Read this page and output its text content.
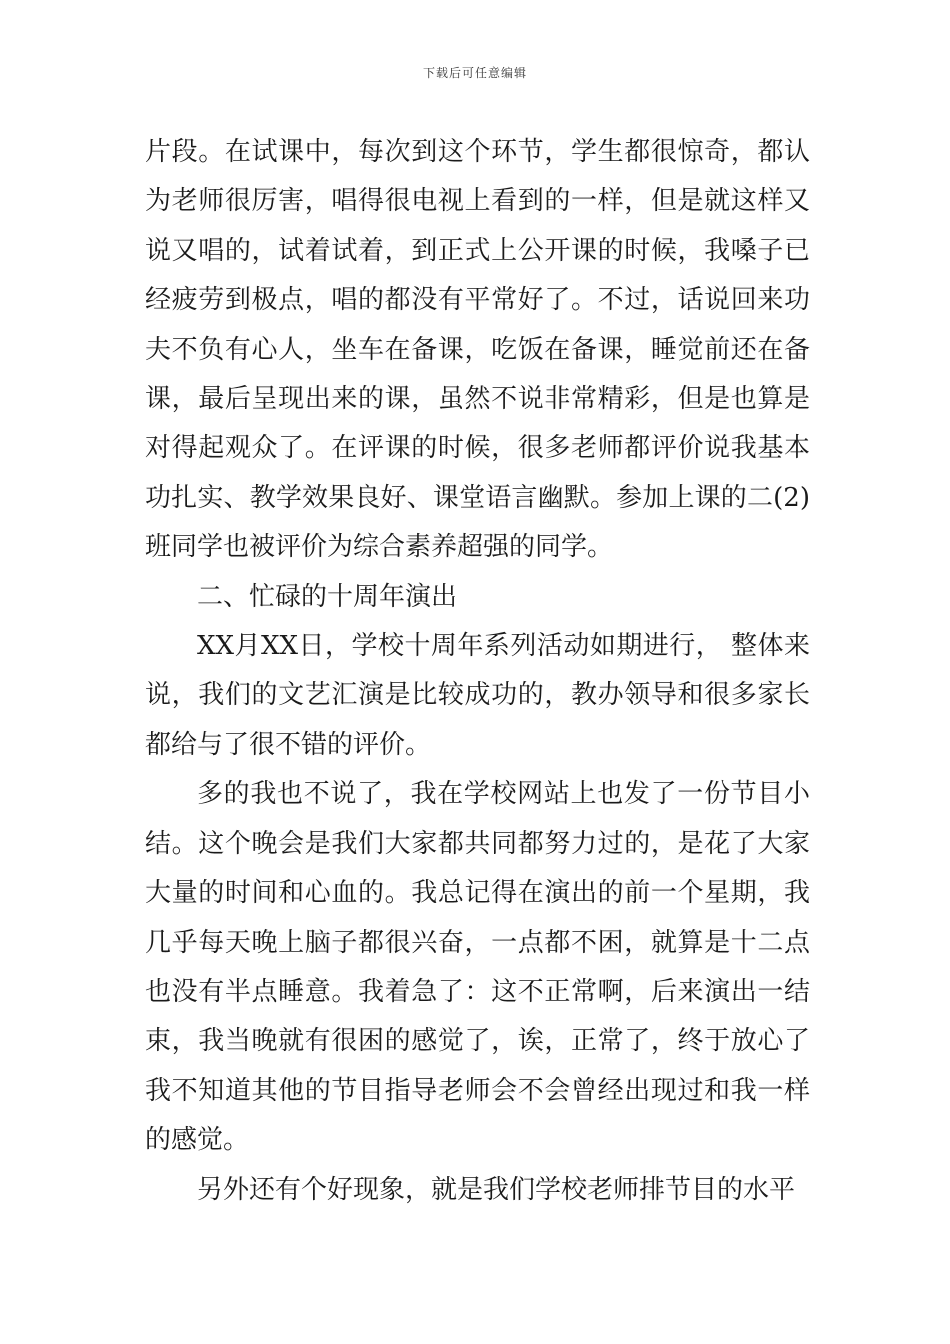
下载后可任意编辑

片段。在试课中，每次到这个环节，学生都很惊奇，都认为老师很厉害，唱得很电视上看到的一样，但是就这样又说又唱的，试着试着，到正式上公开课的时候，我嗓子已经疲劳到极点，唱的都没有平常好了。不过，话说回来功夫不负有心人，坐车在备课，吃饭在备课，睡觉前还在备课，最后呈现出来的课，虽然不说非常精彩，但是也算是对得起观众了。在评课的时候，很多老师都评价说我基本功扎实、教学效果良好、课堂语言幽默。参加上课的二(2)班同学也被评价为综合素养超强的同学。

二、忙碌的十周年演出

XX月XX日，学校十周年系列活动如期进行， 整体来说，我们的文艺汇演是比较成功的，教办领导和很多家长都给与了很不错的评价。

多的我也不说了，我在学校网站上也发了一份节目小结。这个晚会是我们大家都共同都努力过的，是花了大家大量的时间和心血的。我总记得在演出的前一个星期，我几乎每天晚上脑子都很兴奋，一点都不困，就算是十二点也没有半点睡意。我着急了：这不正常啊，后来演出一结束，我当晚就有很困的感觉了，诶，正常了，终于放心了我不知道其他的节目指导老师会不会曾经出现过和我一样的感觉。

另外还有个好现象，就是我们学校老师排节目的水平
